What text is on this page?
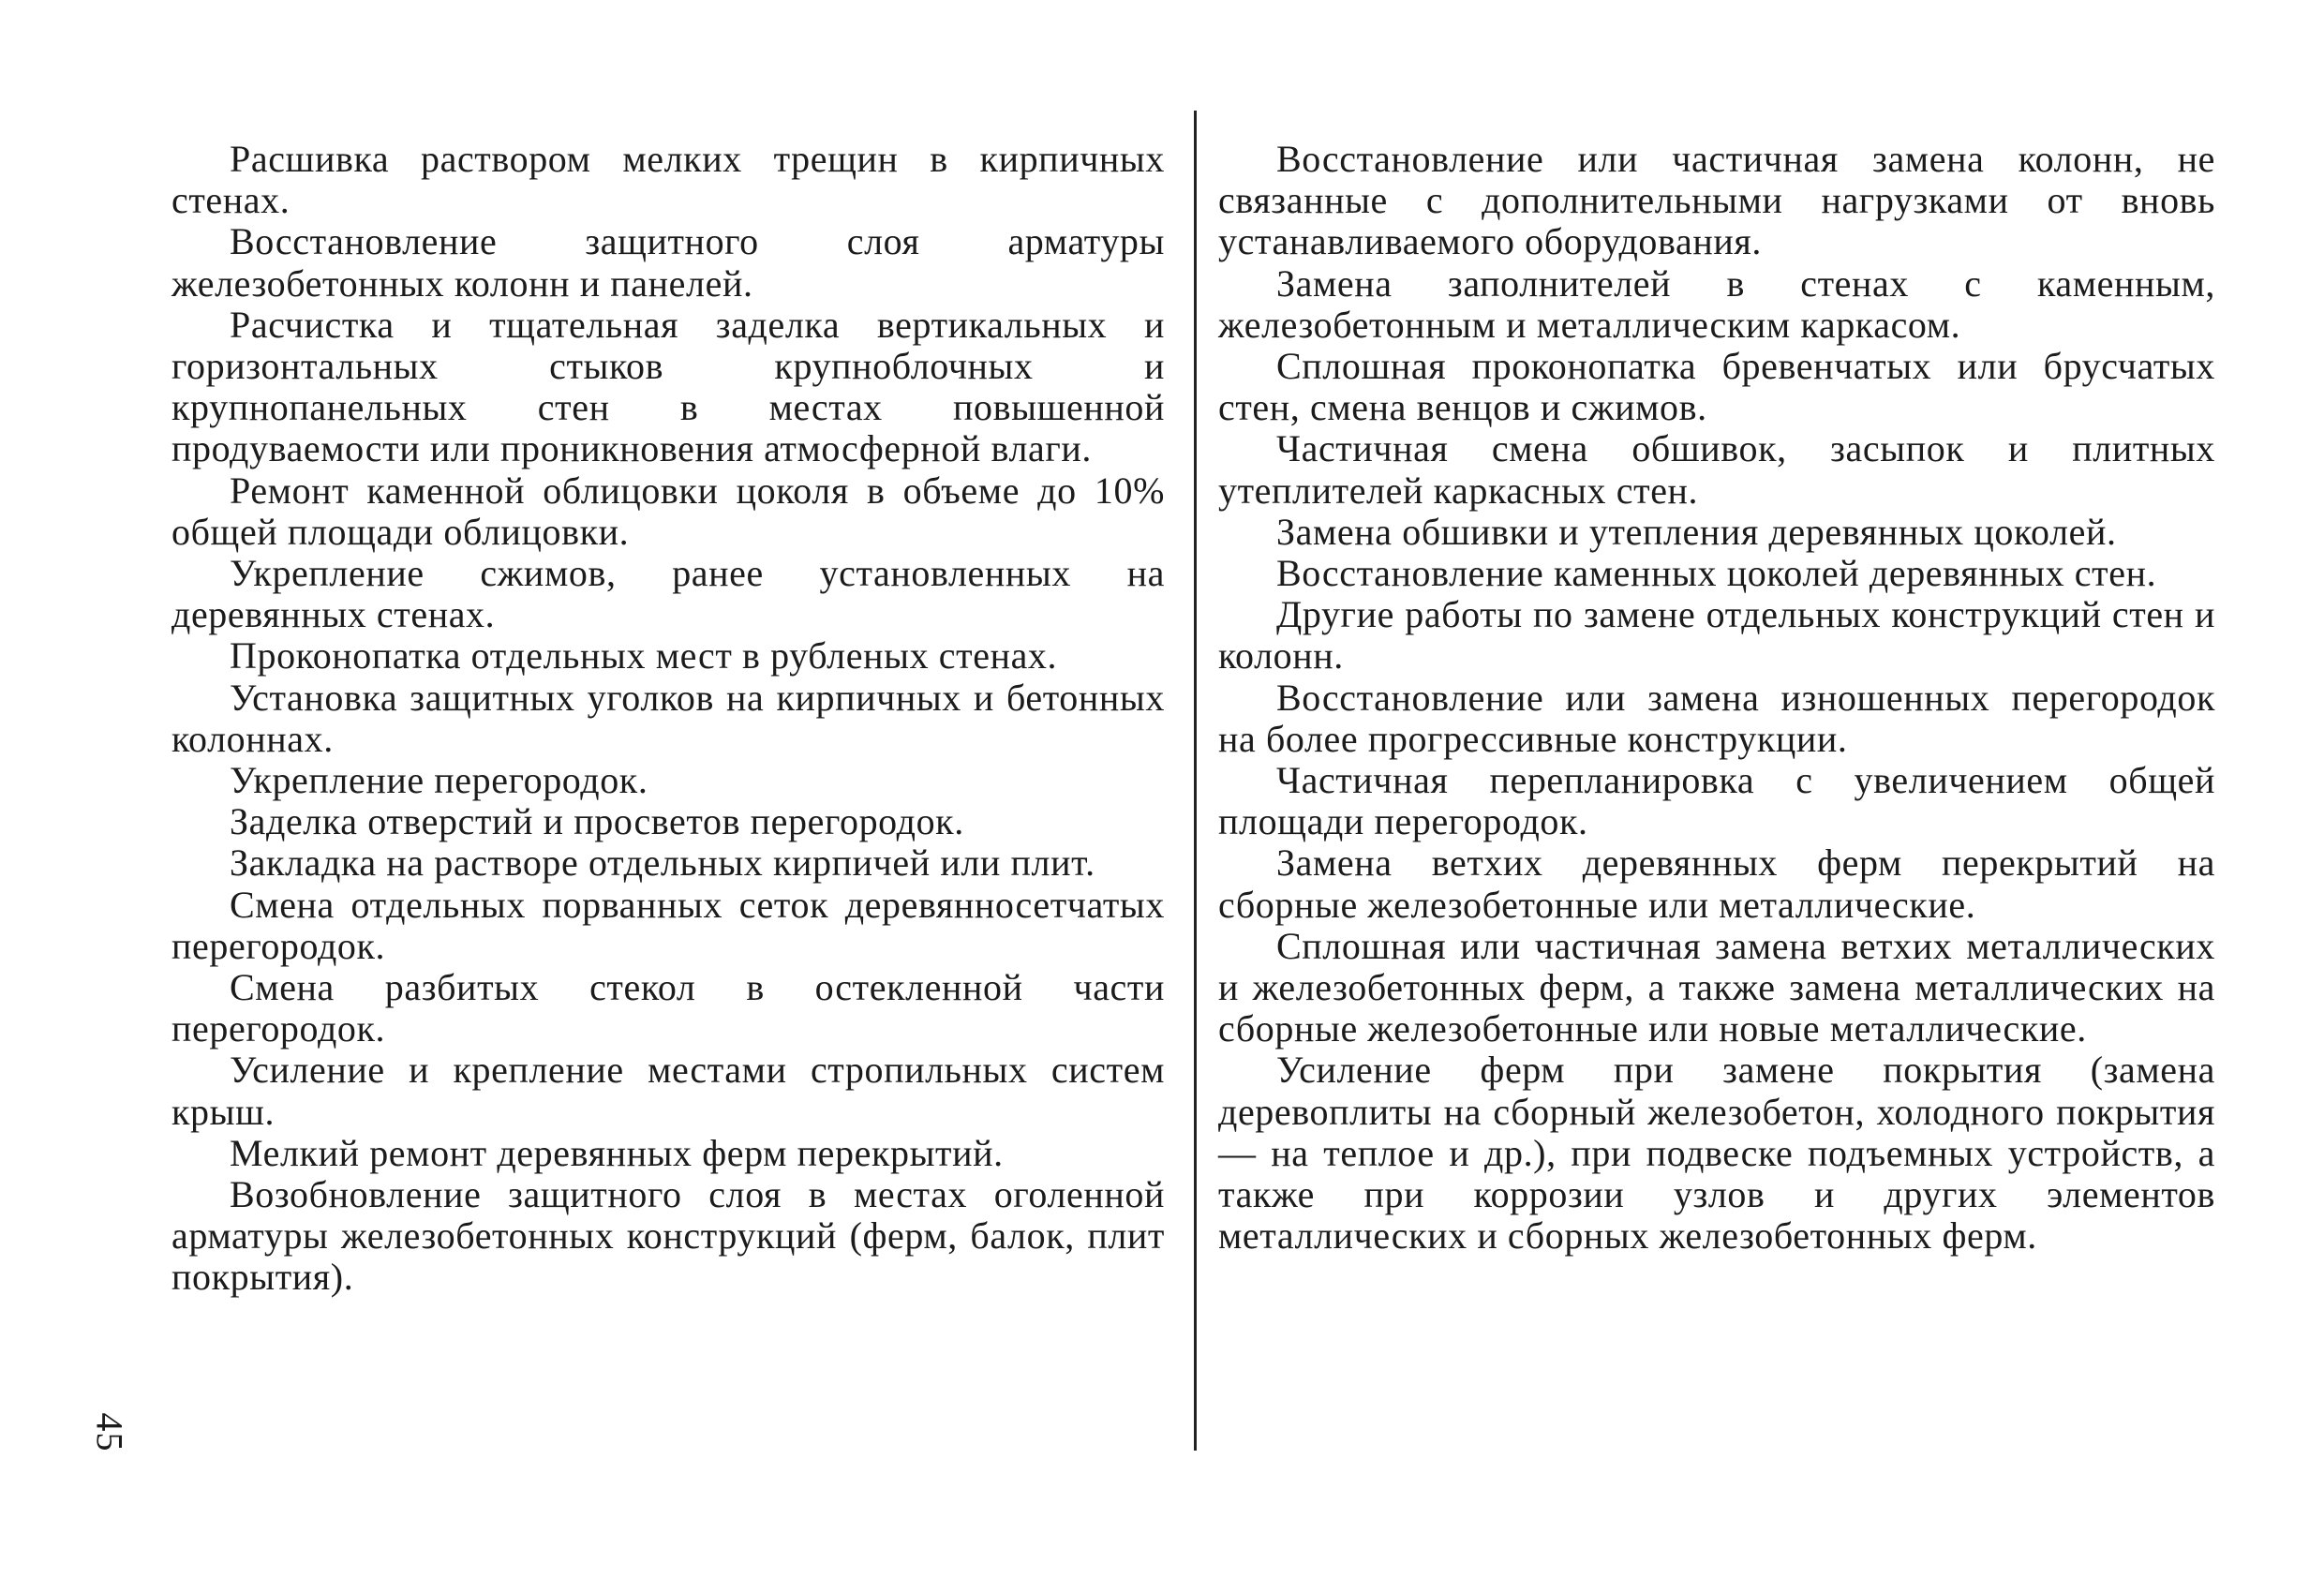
Расшивка раствором мелких трещин в кирпичных стенах.

Восстановление защитного слоя арматуры железобетонных колонн и панелей.

Расчистка и тщательная заделка вертикальных и горизонтальных стыков крупноблочных и крупнопанельных стен в местах повышенной продуваемости или проникновения атмосферной влаги.

Ремонт каменной облицовки цоколя в объеме до 10% общей площади облицовки.

Укрепление сжимов, ранее установленных на деревянных стенах.

Проконопатка отдельных мест в рубленых стенах.

Установка защитных уголков на кирпичных и бетонных колоннах.

Укрепление перегородок.

Заделка отверстий и просветов перегородок.

Закладка на растворе отдельных кирпичей или плит.

Смена отдельных порванных сеток деревянносетчатых перегородок.

Смена разбитых стекол в остекленной части перегородок.

Усиление и крепление местами стропильных систем крыш.

Мелкий ремонт деревянных ферм перекрытий.

Возобновление защитного слоя в местах оголенной арматуры железобетонных конструкций (ферм, балок, плит покрытия).

Восстановление или частичная замена колонн, не связанные с дополнительными нагрузками от вновь устанавливаемого оборудования.

Замена заполнителей в стенах с каменным, железобетонным и металлическим каркасом.

Сплошная проконопатка бревенчатых или брусчатых стен, смена венцов и сжимов.

Частичная смена обшивок, засыпок и плитных утеплителей каркасных стен.

Замена обшивки и утепления деревянных цоколей.

Восстановление каменных цоколей деревянных стен.

Другие работы по замене отдельных конструкций стен и колонн.

Восстановление или замена изношенных перегородок на более прогрессивные конструкции.

Частичная перепланировка с увеличением общей площади перегородок.

Замена ветхих деревянных ферм перекрытий на сборные железобетонные или металлические.

Сплошная или частичная замена ветхих металлических и железобетонных ферм, а также замена металлических на сборные железобетонные или новые металлические.

Усиление ферм при замене покрытия (замена деревоплиты на сборный железобетон, холодного покрытия — на теплое и др.), при подвеске подъемных устройств, а также при коррозии узлов и других элементов металлических и сборных железобетонных ферм.

45
